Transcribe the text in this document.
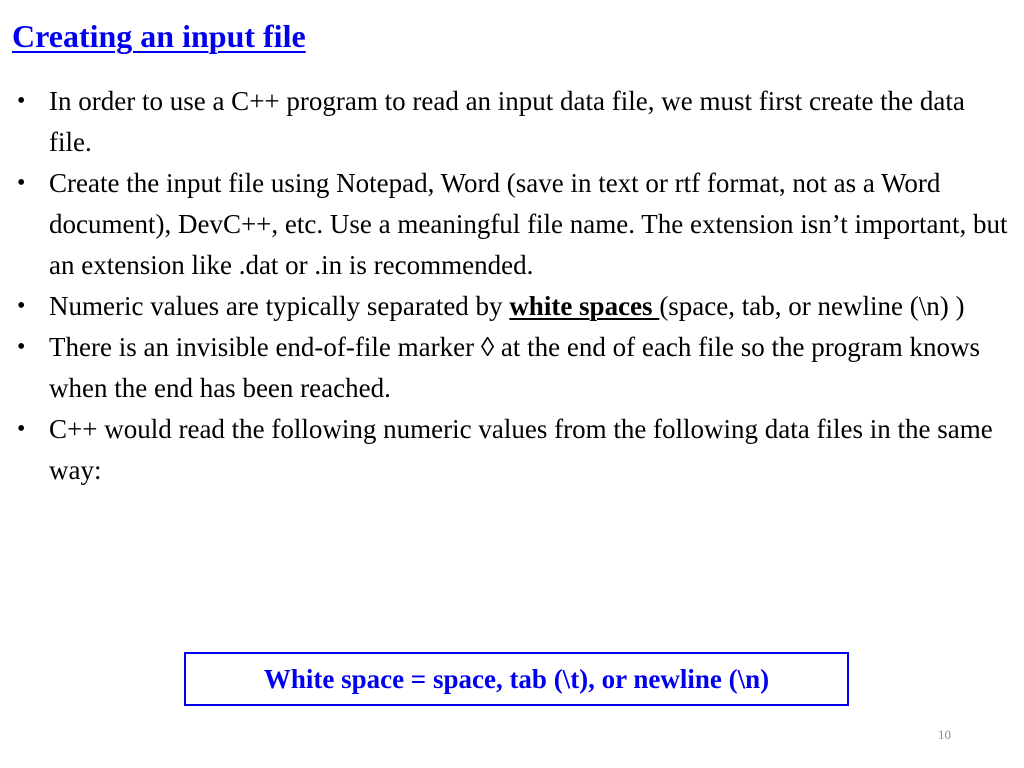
Creating an input file
• In order to use a C++ program to read an input data file, we must first create the data file.
• Create the input file using Notepad, Word (save in text or rtf format, not as a Word document), DevC++, etc. Use a meaningful file name. The extension isn’t important, but an extension like .dat or .in is recommended.
• Numeric values are typically separated by white spaces (space, tab, or newline (\n) )
• There is an invisible end-of-file marker ◊ at the end of each file so the program knows when the end has been reached.
• C++ would read the following numeric values from the following data files in the same way:
White space = space, tab (\t), or newline (\n)
10
